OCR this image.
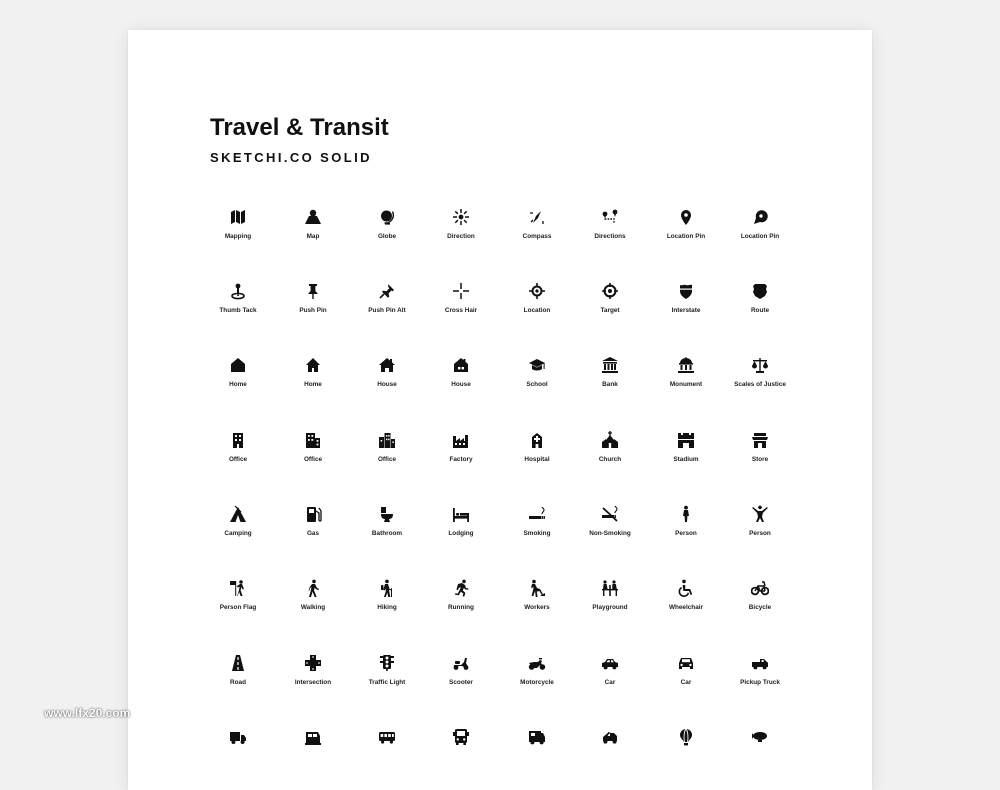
Travel & Transit
SKETCHI.CO SOLID
Mapping	Map	Globe	Direction	Compass	Directions	Location Pin	Location Pin
Thumb Tack	Push Pin	Push Pin Alt	Cross Hair	Location	Target	Interstate	Route
Home	Home	House	House	School	Bank	Monument	Scales of Justice
Office	Office	Office	Factory	Hospital	Church	Stadium	Store
Camping	Gas	Bathroom	Lodging	Smoking	Non-Smoking	Person	Person
Person Flag	Walking	Hiking	Running	Workers	Playground	Wheelchair	Bicycle
Road	Intersection	Traffic Light	Scooter	Motorcycle	Car	Car	Pickup Truck
www.lfx20.com
